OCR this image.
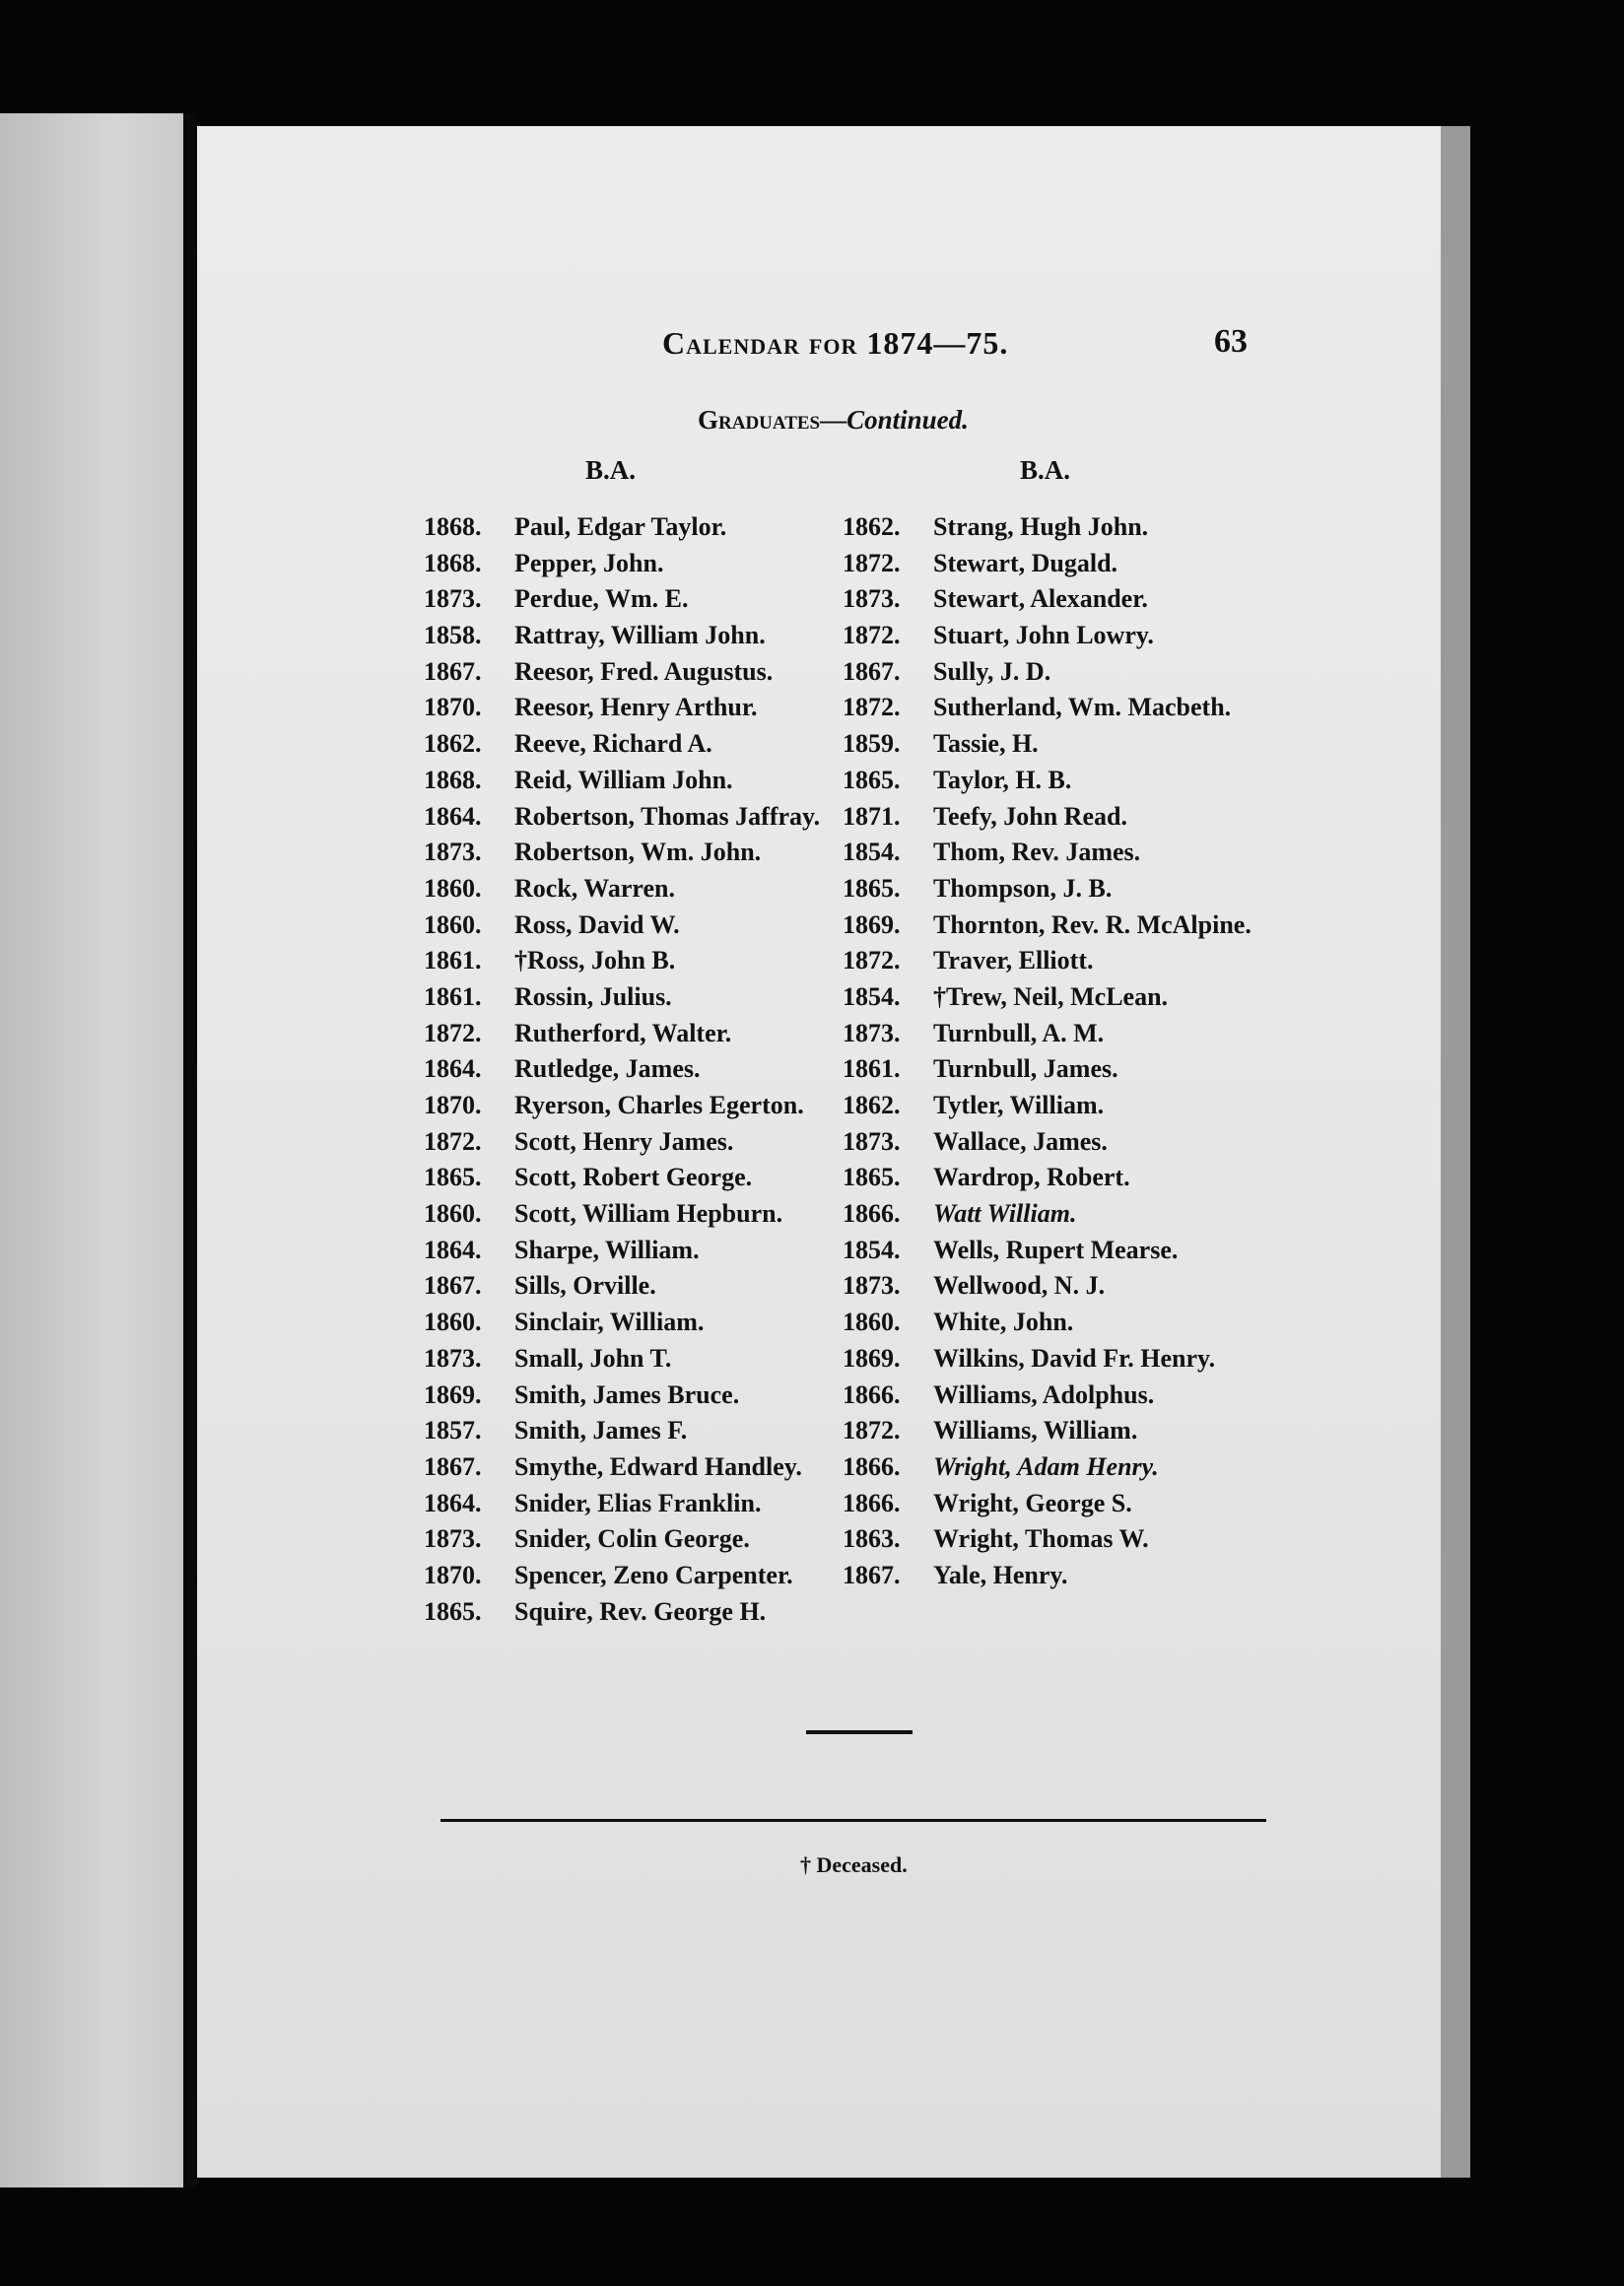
Calendar for 1874—75.	63
Graduates—Continued.
B.A.	B.A.
1868.	Paul, Edgar Taylor.
1868.	Pepper, John.
1873.	Perdue, Wm. E.
1858.	Rattray, William John.
1867.	Reesor, Fred. Augustus.
1870.	Reesor, Henry Arthur.
1862.	Reeve, Richard A.
1868.	Reid, William John.
1864.	Robertson, Thomas Jaffray.
1873.	Robertson, Wm. John.
1860.	Rock, Warren.
1860.	Ross, David W.
1861.	†Ross, John B.
1861.	Rossin, Julius.
1872.	Rutherford, Walter.
1864.	Rutledge, James.
1870.	Ryerson, Charles Egerton.
1872.	Scott, Henry James.
1865.	Scott, Robert George.
1860.	Scott, William Hepburn.
1864.	Sharpe, William.
1867.	Sills, Orville.
1860.	Sinclair, William.
1873.	Small, John T.
1869.	Smith, James Bruce.
1857.	Smith, James F.
1867.	Smythe, Edward Handley.
1864.	Snider, Elias Franklin.
1873.	Snider, Colin George.
1870.	Spencer, Zeno Carpenter.
1865.	Squire, Rev. George H.
1862.	Strang, Hugh John.
1872.	Stewart, Dugald.
1873.	Stewart, Alexander.
1872.	Stuart, John Lowry.
1867.	Sully, J. D.
1872.	Sutherland, Wm. Macbeth.
1859.	Tassie, H.
1865.	Taylor, H. B.
1871.	Teefy, John Read.
1854.	Thom, Rev. James.
1865.	Thompson, J. B.
1869.	Thornton, Rev. R. McAlpine.
1872.	Traver, Elliott.
1854.	†Trew, Neil, McLean.
1873.	Turnbull, A. M.
1861.	Turnbull, James.
1862.	Tytler, William.
1873.	Wallace, James.
1865.	Wardrop, Robert.
1866.	Watt William.
1854.	Wells, Rupert Mearse.
1873.	Wellwood, N. J.
1860.	White, John.
1869.	Wilkins, David Fr. Henry.
1866.	Williams, Adolphus.
1872.	Williams, William.
1866.	Wright, Adam Henry.
1866.	Wright, George S.
1863.	Wright, Thomas W.
1867.	Yale, Henry.
† Deceased.
